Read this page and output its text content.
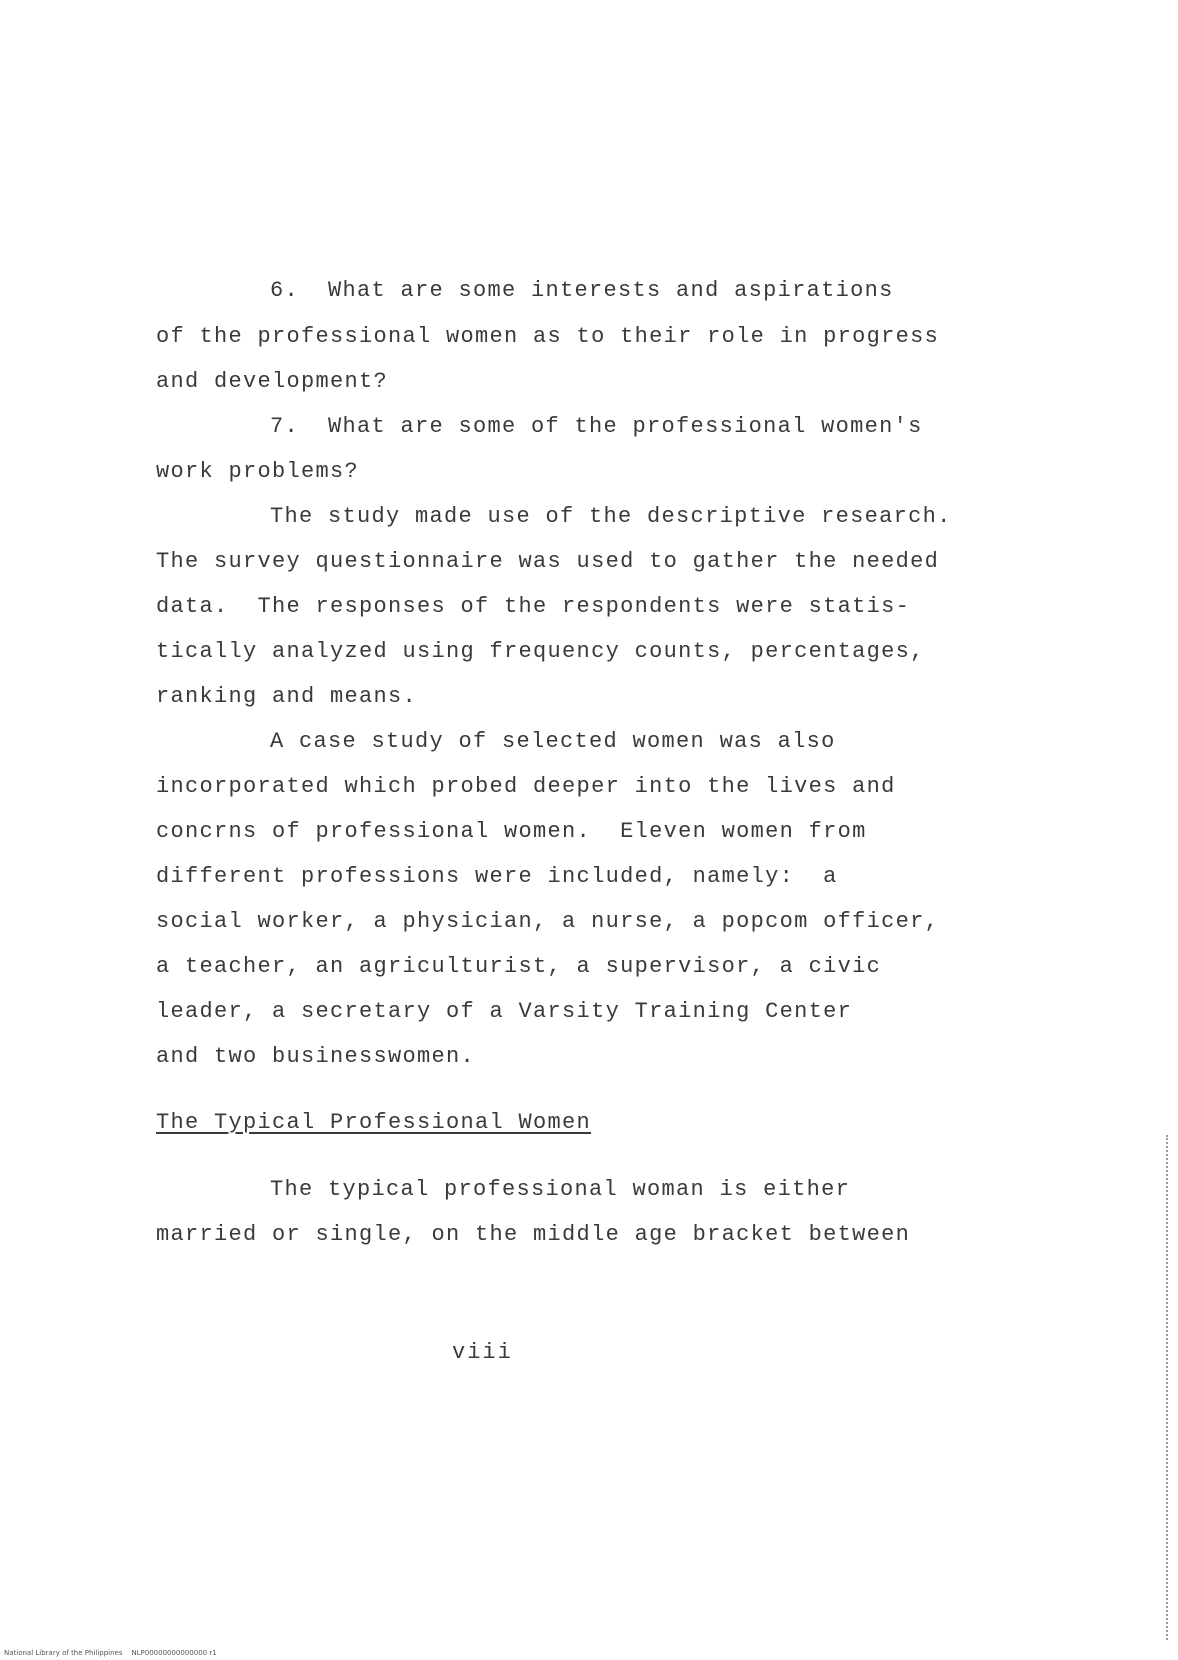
6.  What are some interests and aspirations
of the professional women as to their role in progress
and development?
7.  What are some of the professional women's
work problems?
The study made use of the descriptive research.
The survey questionnaire was used to gather the needed
data.  The responses of the respondents were statis-
tically analyzed using frequency counts, percentages,
ranking and means.
A case study of selected women was also
incorporated which probed deeper into the lives and
concrns of professional women.  Eleven women from
different professions were included, namely:  a
social worker, a physician, a nurse, a popcom officer,
a teacher, an agriculturist, a supervisor, a civic
leader, a secretary of a Varsity Training Center
and two businesswomen.
The Typical Professional Women
The typical professional woman is either
married or single, on the middle age bracket between
viii
National Library of the Philippines    NLP00000000000000 r1
